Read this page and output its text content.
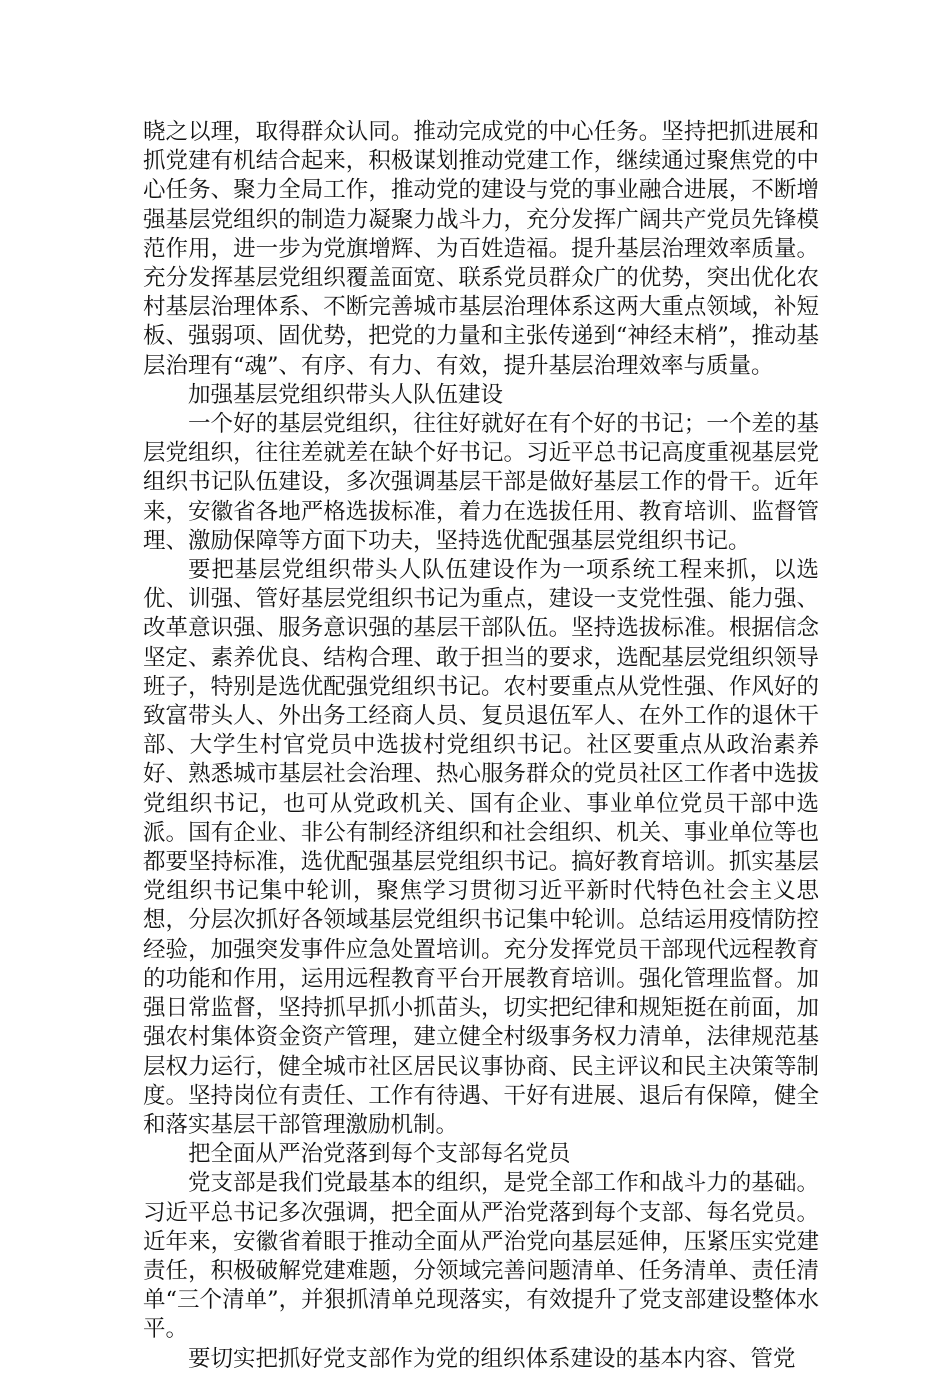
晓之以理，取得群众认同。推动完成党的中心任务。坚持把抓进展和抓党建有机结合起来，积极谋划推动党建工作，继续通过聚焦党的中心任务、聚力全局工作，推动党的建设与党的事业融合进展，不断增强基层党组织的制造力凝聚力战斗力，充分发挥广阔共产党员先锋模范作用，进一步为党旗增辉、为百姓造福。提升基层治理效率质量。充分发挥基层党组织覆盖面宽、联系党员群众广的优势，突出优化农村基层治理体系、不断完善城市基层治理体系这两大重点领域，补短板、强弱项、固优势，把党的力量和主张传递到“神经末梢”，推动基层治理有“魂”、有序、有力、有效，提升基层治理效率与质量。

加强基层党组织带头人队伍建设

一个好的基层党组织，往往好就好在有个好的书记；一个差的基层党组织，往往差就差在缺个好书记。习近平总书记高度重视基层党组织书记队伍建设，多次强调基层干部是做好基层工作的骨干。近年来，安徽省各地严格选拔标准，着力在选拔任用、教育培训、监督管理、激励保障等方面下功夫，坚持选优配强基层党组织书记。

要把基层党组织带头人队伍建设作为一项系统工程来抓，以选优、训强、管好基层党组织书记为重点，建设一支党性强、能力强、改革意识强、服务意识强的基层干部队伍。坚持选拔标准。根据信念坚定、素养优良、结构合理、敢于担当的要求，选配基层党组织领导班子，特别是选优配强党组织书记。农村要重点从党性强、作风好的致富带头人、外出务工经商人员、复员退伍军人、在外工作的退休干部、大学生村官党员中选拔村党组织书记。社区要重点从政治素养好、熟悉城市基层社会治理、热心服务群众的党员社区工作者中选拔党组织书记，也可从党政机关、国有企业、事业单位党员干部中选派。国有企业、非公有制经济组织和社会组织、机关、事业单位等也都要坚持标准，选优配强基层党组织书记。搞好教育培训。抓实基层党组织书记集中轮训，聚焦学习贯彻习近平新时代特色社会主义思想，分层次抓好各领域基层党组织书记集中轮训。总结运用疫情防控经验，加强突发事件应急处置培训。充分发挥党员干部现代远程教育的功能和作用，运用远程教育平台开展教育培训。强化管理监督。加强日常监督，坚持抓早抓小抓苗头，切实把纪律和规矩挺在前面，加强农村集体资金资产管理，建立健全村级事务权力清单，法律规范基层权力运行，健全城市社区居民议事协商、民主评议和民主决策等制度。坚持岗位有责任、工作有待遇、干好有进展、退后有保障，健全和落实基层干部管理激励机制。

把全面从严治党落到每个支部每名党员

党支部是我们党最基本的组织，是党全部工作和战斗力的基础。习近平总书记多次强调，把全面从严治党落到每个支部、每名党员。近年来，安徽省着眼于推动全面从严治党向基层延伸，压紧压实党建责任，积极破解党建难题，分领域完善问题清单、任务清单、责任清单“三个清单”，并狠抓清单兑现落实，有效提升了党支部建设整体水平。

要切实把抓好党支部作为党的组织体系建设的基本内容、管党
